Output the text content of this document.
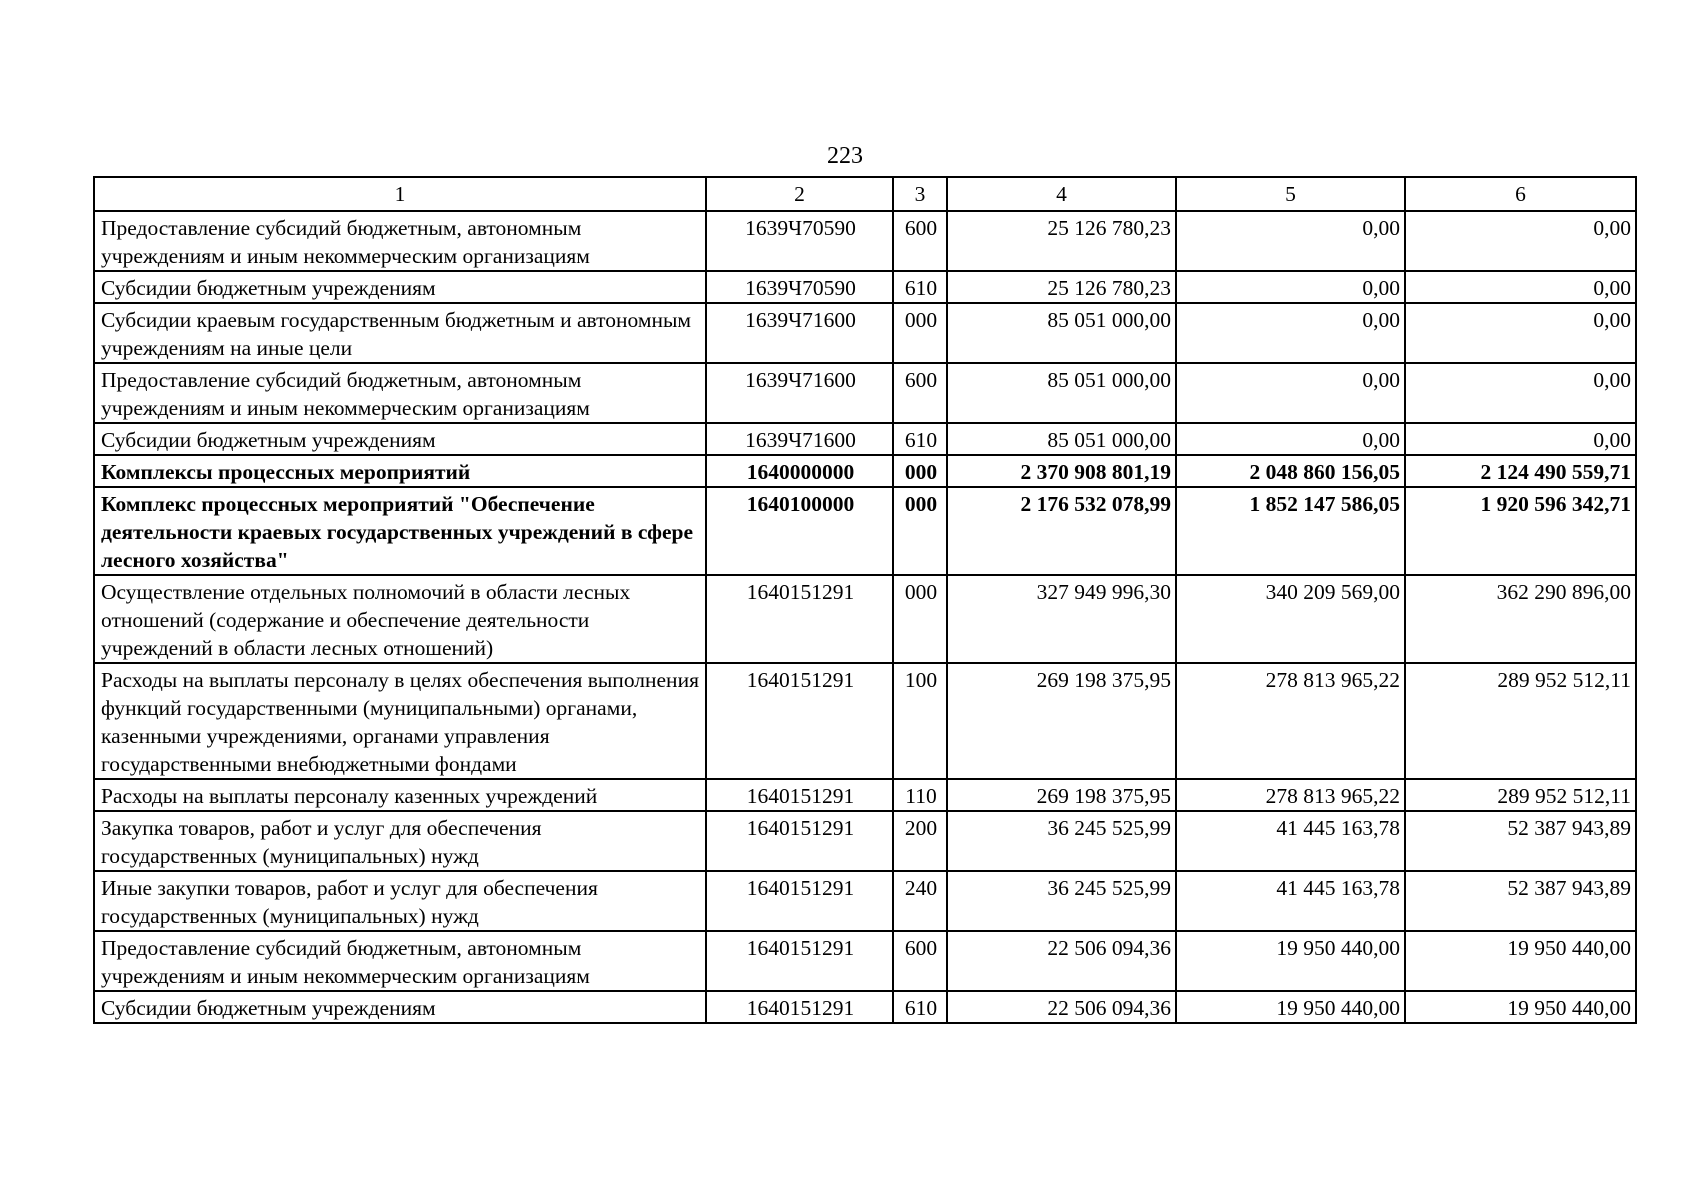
223
1	2	3	4	5	6
Предоставление субсидий бюджетным, автономным учреждениям и иным некоммерческим организациям	1639Ч70590	600	25 126 780,23	0,00	0,00
Субсидии бюджетным учреждениям	1639Ч70590	610	25 126 780,23	0,00	0,00
Субсидии краевым государственным бюджетным и автономным учреждениям на иные цели	1639Ч71600	000	85 051 000,00	0,00	0,00
Предоставление субсидий бюджетным, автономным учреждениям и иным некоммерческим организациям	1639Ч71600	600	85 051 000,00	0,00	0,00
Субсидии бюджетным учреждениям	1639Ч71600	610	85 051 000,00	0,00	0,00
Комплексы процессных мероприятий	1640000000	000	2 370 908 801,19	2 048 860 156,05	2 124 490 559,71
Комплекс процессных мероприятий "Обеспечение деятельности краевых государственных учреждений в сфере лесного хозяйства"	1640100000	000	2 176 532 078,99	1 852 147 586,05	1 920 596 342,71
Осуществление отдельных полномочий в области лесных отношений (содержание и обеспечение деятельности учреждений в области лесных отношений)	1640151291	000	327 949 996,30	340 209 569,00	362 290 896,00
Расходы на выплаты персоналу в целях обеспечения выполнения функций государственными (муниципальными) органами, казенными учреждениями, органами управления государственными внебюджетными фондами	1640151291	100	269 198 375,95	278 813 965,22	289 952 512,11
Расходы на выплаты персоналу казенных учреждений	1640151291	110	269 198 375,95	278 813 965,22	289 952 512,11
Закупка товаров, работ и услуг для обеспечения государственных (муниципальных) нужд	1640151291	200	36 245 525,99	41 445 163,78	52 387 943,89
Иные закупки товаров, работ и услуг для обеспечения государственных (муниципальных) нужд	1640151291	240	36 245 525,99	41 445 163,78	52 387 943,89
Предоставление субсидий бюджетным, автономным учреждениям и иным некоммерческим организациям	1640151291	600	22 506 094,36	19 950 440,00	19 950 440,00
Субсидии бюджетным учреждениям	1640151291	610	22 506 094,36	19 950 440,00	19 950 440,00
